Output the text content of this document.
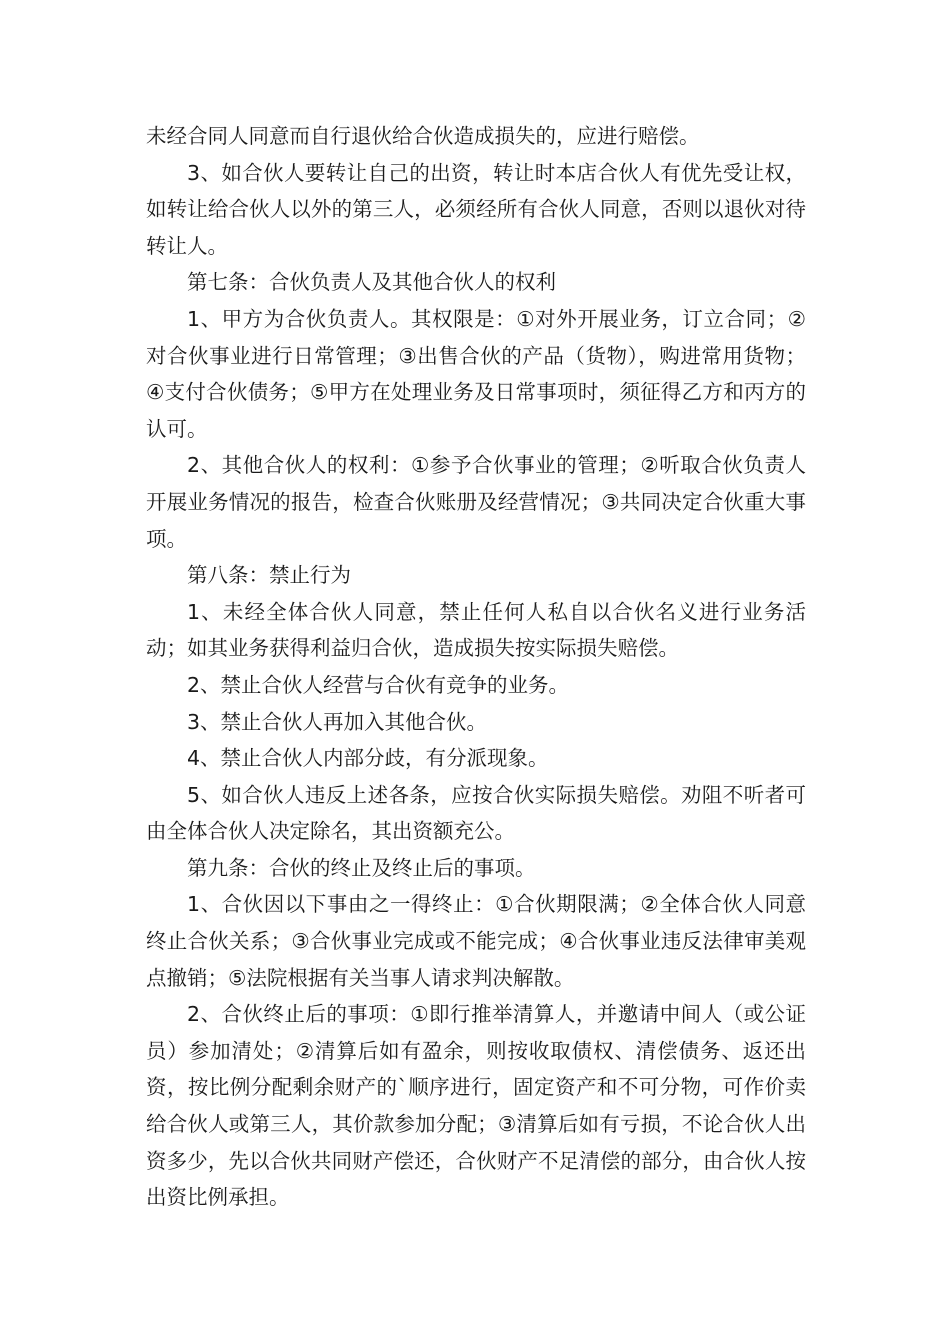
未经合同人同意而自行退伙给合伙造成损失的，应进行赔偿。

3、如合伙人要转让自己的出资，转让时本店合伙人有优先受让权，如转让给合伙人以外的第三人，必须经所有合伙人同意，否则以退伙对待转让人。

第七条：合伙负责人及其他合伙人的权利

1、甲方为合伙负责人。其权限是：①对外开展业务，订立合同；②对合伙事业进行日常管理；③出售合伙的产品（货物），购进常用货物；④支付合伙债务；⑤甲方在处理业务及日常事项时，须征得乙方和丙方的认可。

2、其他合伙人的权利：①参予合伙事业的管理；②听取合伙负责人开展业务情况的报告，检查合伙账册及经营情况；③共同决定合伙重大事项。

第八条：禁止行为

1、未经全体合伙人同意，禁止任何人私自以合伙名义进行业务活动；如其业务获得利益归合伙，造成损失按实际损失赔偿。

2、禁止合伙人经营与合伙有竞争的业务。

3、禁止合伙人再加入其他合伙。

4、禁止合伙人内部分歧，有分派现象。

5、如合伙人违反上述各条，应按合伙实际损失赔偿。劝阻不听者可由全体合伙人决定除名，其出资额充公。

第九条：合伙的终止及终止后的事项。

1、合伙因以下事由之一得终止：①合伙期限满；②全体合伙人同意终止合伙关系；③合伙事业完成或不能完成；④合伙事业违反法律审美观点撤销；⑤法院根据有关当事人请求判决解散。

2、合伙终止后的事项：①即行推举清算人，并邀请中间人（或公证员）参加清处；②清算后如有盈余，则按收取债权、清偿债务、返还出资，按比例分配剩余财产的`顺序进行，固定资产和不可分物，可作价卖给合伙人或第三人，其价款参加分配；③清算后如有亏损，不论合伙人出资多少，先以合伙共同财产偿还，合伙财产不足清偿的部分，由合伙人按出资比例承担。
